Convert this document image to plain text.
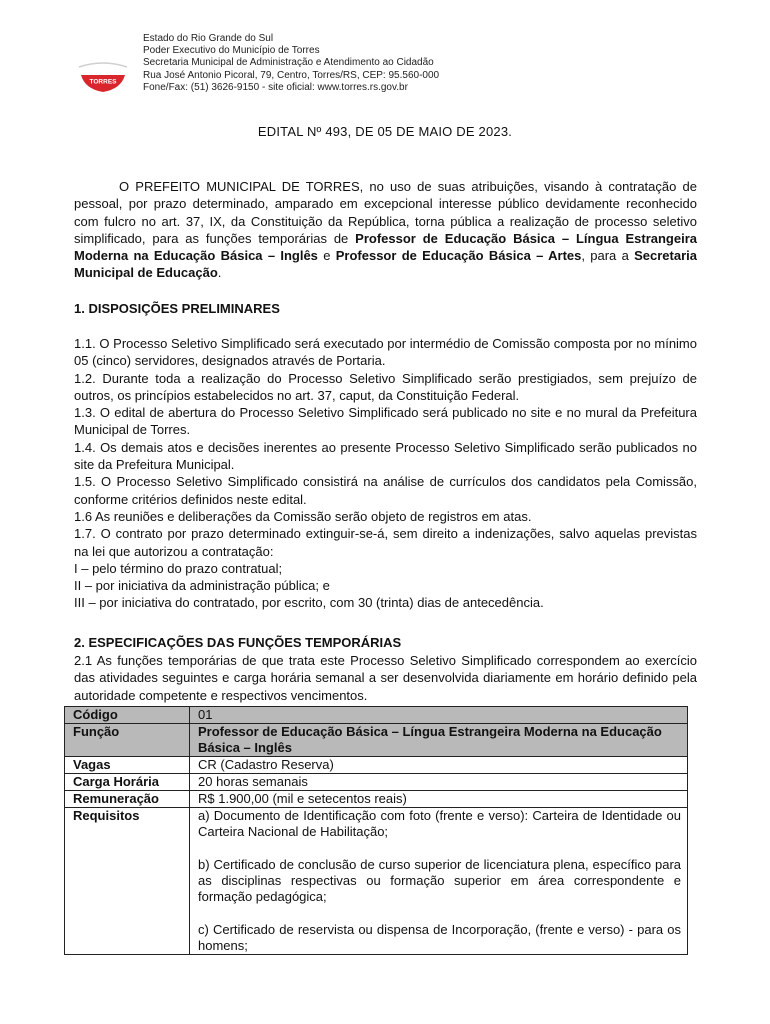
TORRES
Estado do Rio Grande do Sul
Poder Executivo do Município de Torres
Secretaria Municipal de Administração e Atendimento ao Cidadão
Rua José Antonio Picoral, 79, Centro, Torres/RS, CEP: 95.560-000
Fone/Fax: (51) 3626-9150 - site oficial: www.torres.rs.gov.br
EDITAL Nº 493, DE 05 DE MAIO DE 2023.

O PREFEITO MUNICIPAL DE TORRES, no uso de suas atribuições, visando à contratação de pessoal, por prazo determinado, amparado em excepcional interesse público devidamente reconhecido com fulcro no art. 37, IX, da Constituição da República, torna pública a realização de processo seletivo simplificado, para as funções temporárias de Professor de Educação Básica – Língua Estrangeira Moderna na Educação Básica – Inglês e Professor de Educação Básica – Artes, para a Secretaria Municipal de Educação.

1. DISPOSIÇÕES PRELIMINARES

1.1. O Processo Seletivo Simplificado será executado por intermédio de Comissão composta por no mínimo 05 (cinco) servidores, designados através de Portaria.

1.2. Durante toda a realização do Processo Seletivo Simplificado serão prestigiados, sem prejuízo de outros, os princípios estabelecidos no art. 37, caput, da Constituição Federal.

1.3. O edital de abertura do Processo Seletivo Simplificado será publicado no site e no mural da Prefeitura Municipal de Torres.

1.4. Os demais atos e decisões inerentes ao presente Processo Seletivo Simplificado serão publicados no site da Prefeitura Municipal.

1.5. O Processo Seletivo Simplificado consistirá na análise de currículos dos candidatos pela Comissão, conforme critérios definidos neste edital.

1.6 As reuniões e deliberações da Comissão serão objeto de registros em atas.

1.7. O contrato por prazo determinado extinguir-se-á, sem direito a indenizações, salvo aquelas previstas na lei que autorizou a contratação:

I – pelo término do prazo contratual;

II – por iniciativa da administração pública; e

III – por iniciativa do contratado, por escrito, com 30 (trinta) dias de antecedência.

2. ESPECIFICAÇÕES DAS FUNÇÕES TEMPORÁRIAS

2.1 As funções temporárias de que trata este Processo Seletivo Simplificado correspondem ao exercício das atividades seguintes e carga horária semanal a ser desenvolvida diariamente em horário definido pela autoridade competente e respectivos vencimentos.

Código	01
Função	Professor de Educação Básica – Língua Estrangeira Moderna na Educação Básica – Inglês
Vagas	CR (Cadastro Reserva)
Carga Horária	20 horas semanais
Remuneração	R$ 1.900,00 (mil e setecentos reais)
Requisitos	a) Documento de Identificação com foto (frente e verso): Carteira de Identidade ou Carteira Nacional de Habilitação;

b) Certificado de conclusão de curso superior de licenciatura plena, específico para as disciplinas respectivas ou formação superior em área correspondente e formação pedagógica;

c) Certificado de reservista ou dispensa de Incorporação, (frente e verso) - para os homens;
